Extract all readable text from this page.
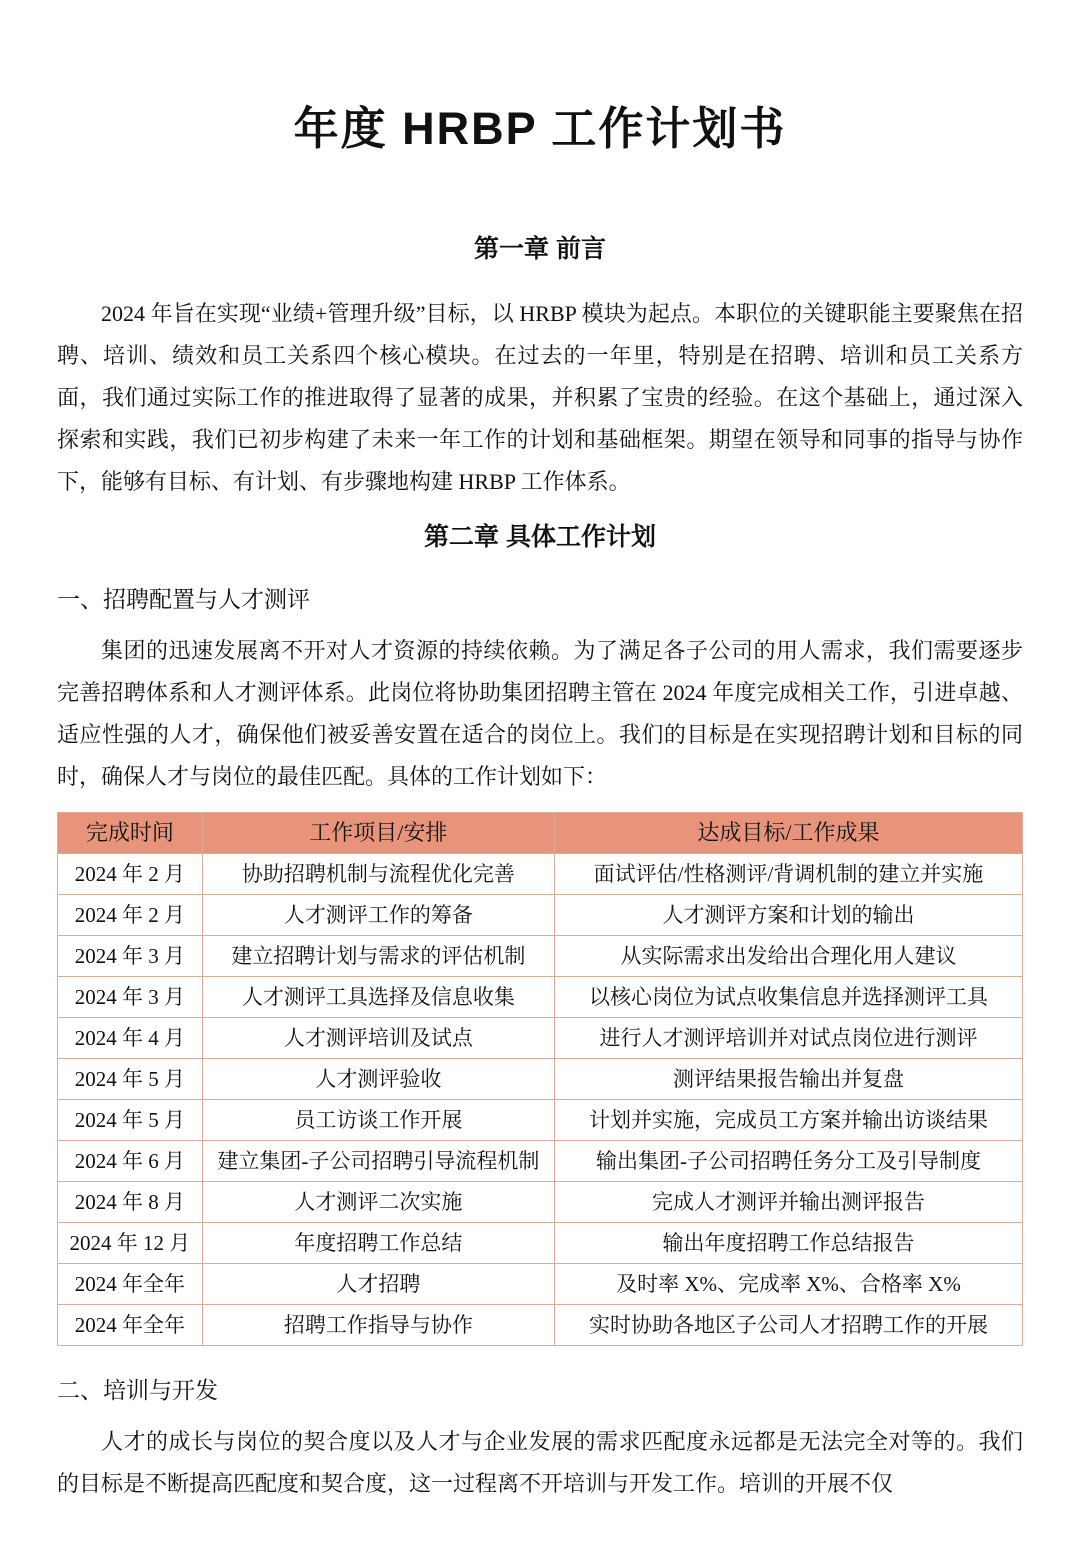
年度 HRBP 工作计划书
第一章 前言

2024 年旨在实现“业绩+管理升级”目标，以 HRBP 模块为起点。本职位的关键职能主要聚焦在招聘、培训、绩效和员工关系四个核心模块。在过去的一年里，特别是在招聘、培训和员工关系方面，我们通过实际工作的推进取得了显著的成果，并积累了宝贵的经验。在这个基础上，通过深入探索和实践，我们已初步构建了未来一年工作的计划和基础框架。期望在领导和同事的指导与协作下，能够有目标、有计划、有步骤地构建 HRBP 工作体系。

第二章 具体工作计划
一、招聘配置与人才测评

集团的迅速发展离不开对人才资源的持续依赖。为了满足各子公司的用人需求，我们需要逐步完善招聘体系和人才测评体系。此岗位将协助集团招聘主管在 2024 年度完成相关工作，引进卓越、适应性强的人才，确保他们被妥善安置在适合的岗位上。我们的目标是在实现招聘计划和目标的同时，确保人才与岗位的最佳匹配。具体的工作计划如下：

完成时间	工作项目/安排	达成目标/工作成果
2024 年 2 月	协助招聘机制与流程优化完善	面试评估/性格测评/背调机制的建立并实施
2024 年 2 月	人才测评工作的筹备	人才测评方案和计划的输出
2024 年 3 月	建立招聘计划与需求的评估机制	从实际需求出发给出合理化用人建议
2024 年 3 月	人才测评工具选择及信息收集	以核心岗位为试点收集信息并选择测评工具
2024 年 4 月	人才测评培训及试点	进行人才测评培训并对试点岗位进行测评
2024 年 5 月	人才测评验收	测评结果报告输出并复盘
2024 年 5 月	员工访谈工作开展	计划并实施，完成员工方案并输出访谈结果
2024 年 6 月	建立集团-子公司招聘引导流程机制	输出集团-子公司招聘任务分工及引导制度
2024 年 8 月	人才测评二次实施	完成人才测评并输出测评报告
2024 年 12 月	年度招聘工作总结	输出年度招聘工作总结报告
2024 年全年	人才招聘	及时率 X%、完成率 X%、合格率 X%
2024 年全年	招聘工作指导与协作	实时协助各地区子公司人才招聘工作的开展
二、培训与开发

人才的成长与岗位的契合度以及人才与企业发展的需求匹配度永远都是无法完全对等的。我们的目标是不断提高匹配度和契合度，这一过程离不开培训与开发工作。培训的开展不仅
